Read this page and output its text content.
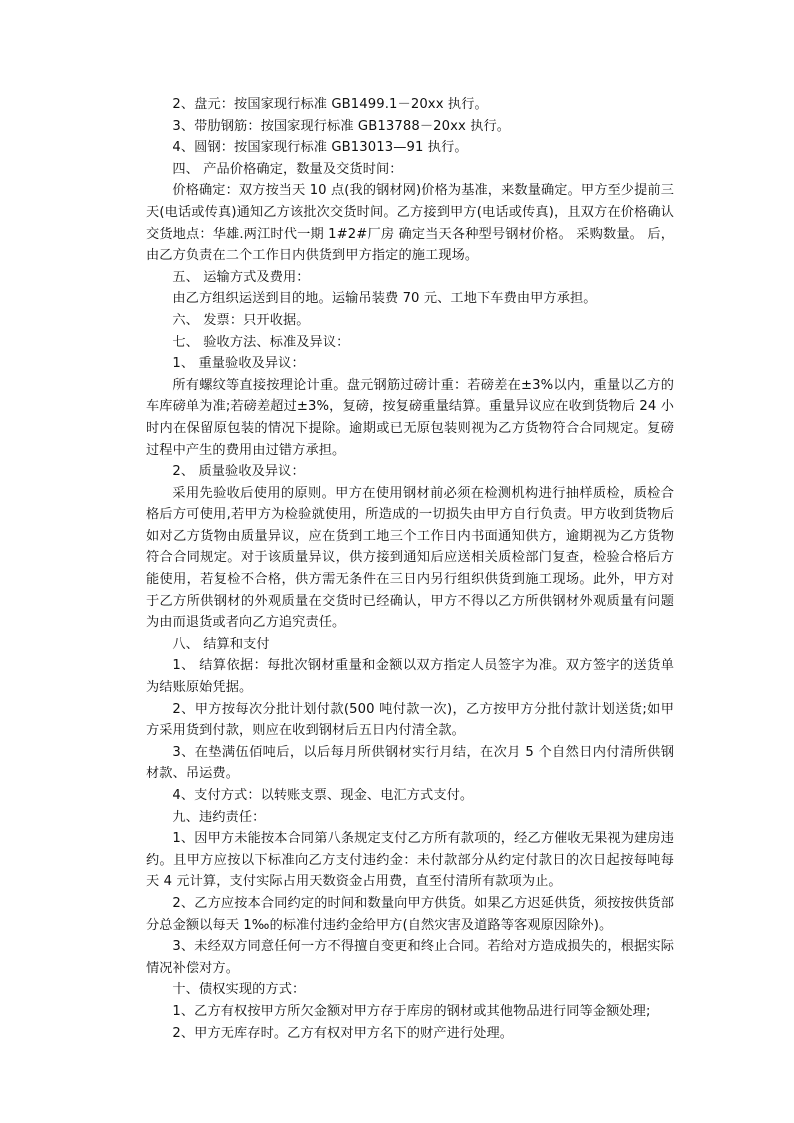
2、盘元：按国家现行标准 GB1499.1－20xx 执行。

3、带肋钢筋：按国家现行标准 GB13788－20xx 执行。

4、圆钢：按国家现行标准 GB13013—91 执行。

四、 产品价格确定，数量及交货时间：

价格确定：双方按当天 10 点(我的钢材网)价格为基准，来数量确定。甲方至少提前三天(电话或传真)通知乙方该批次交货时间。乙方接到甲方(电话或传真)，且双方在价格确认交货地点：华雄.两江时代一期 1#2#厂房 确定当天各种型号钢材价格。 采购数量。 后，由乙方负责在二个工作日内供货到甲方指定的施工现场。

五、 运输方式及费用：

由乙方组织运送到目的地。运输吊装费 70 元、工地下车费由甲方承担。

六、 发票：只开收据。

七、 验收方法、标准及异议：

1、 重量验收及异议：

所有螺纹等直接按理论计重。盘元钢筋过磅计重：若磅差在±3%以内，重量以乙方的车库磅单为准;若磅差超过±3%，复磅，按复磅重量结算。重量异议应在收到货物后 24 小时内在保留原包装的情况下提除。逾期或已无原包装则视为乙方货物符合合同规定。复磅过程中产生的费用由过错方承担。

2、 质量验收及异议：

采用先验收后使用的原则。甲方在使用钢材前必须在检测机构进行抽样质检，质检合格后方可使用,若甲方为检验就使用，所造成的一切损失由甲方自行负责。甲方收到货物后如对乙方货物由质量异议，应在货到工地三个工作日内书面通知供方，逾期视为乙方货物符合合同规定。对于该质量异议，供方接到通知后应送相关质检部门复查，检验合格后方能使用，若复检不合格，供方需无条件在三日内另行组织供货到施工现场。此外，甲方对于乙方所供钢材的外观质量在交货时已经确认，甲方不得以乙方所供钢材外观质量有问题为由而退货或者向乙方追究责任。

八、 结算和支付

1、 结算依据：每批次钢材重量和金额以双方指定人员签字为准。双方签字的送货单为结账原始凭据。

2、甲方按每次分批计划付款(500 吨付款一次)，乙方按甲方分批付款计划送货;如甲方采用货到付款，则应在收到钢材后五日内付清全款。

3、在垫满伍佰吨后，以后每月所供钢材实行月结，在次月 5 个自然日内付清所供钢材款、吊运费。

4、支付方式：以转账支票、现金、电汇方式支付。

九、违约责任：

1、因甲方未能按本合同第八条规定支付乙方所有款项的，经乙方催收无果视为建房违约。且甲方应按以下标准向乙方支付违约金：未付款部分从约定付款日的次日起按每吨每天 4 元计算，支付实际占用天数资金占用费，直至付清所有款项为止。

2、乙方应按本合同约定的时间和数量向甲方供货。如果乙方迟延供货，须按按供货部分总金额以每天 1‰的标准付违约金给甲方(自然灾害及道路等客观原因除外)。

3、未经双方同意任何一方不得擅自变更和终止合同。若给对方造成损失的，根据实际情况补偿对方。

十、债权实现的方式：

1、乙方有权按甲方所欠金额对甲方存于库房的钢材或其他物品进行同等金额处理;

2、甲方无库存时。乙方有权对甲方名下的财产进行处理。
